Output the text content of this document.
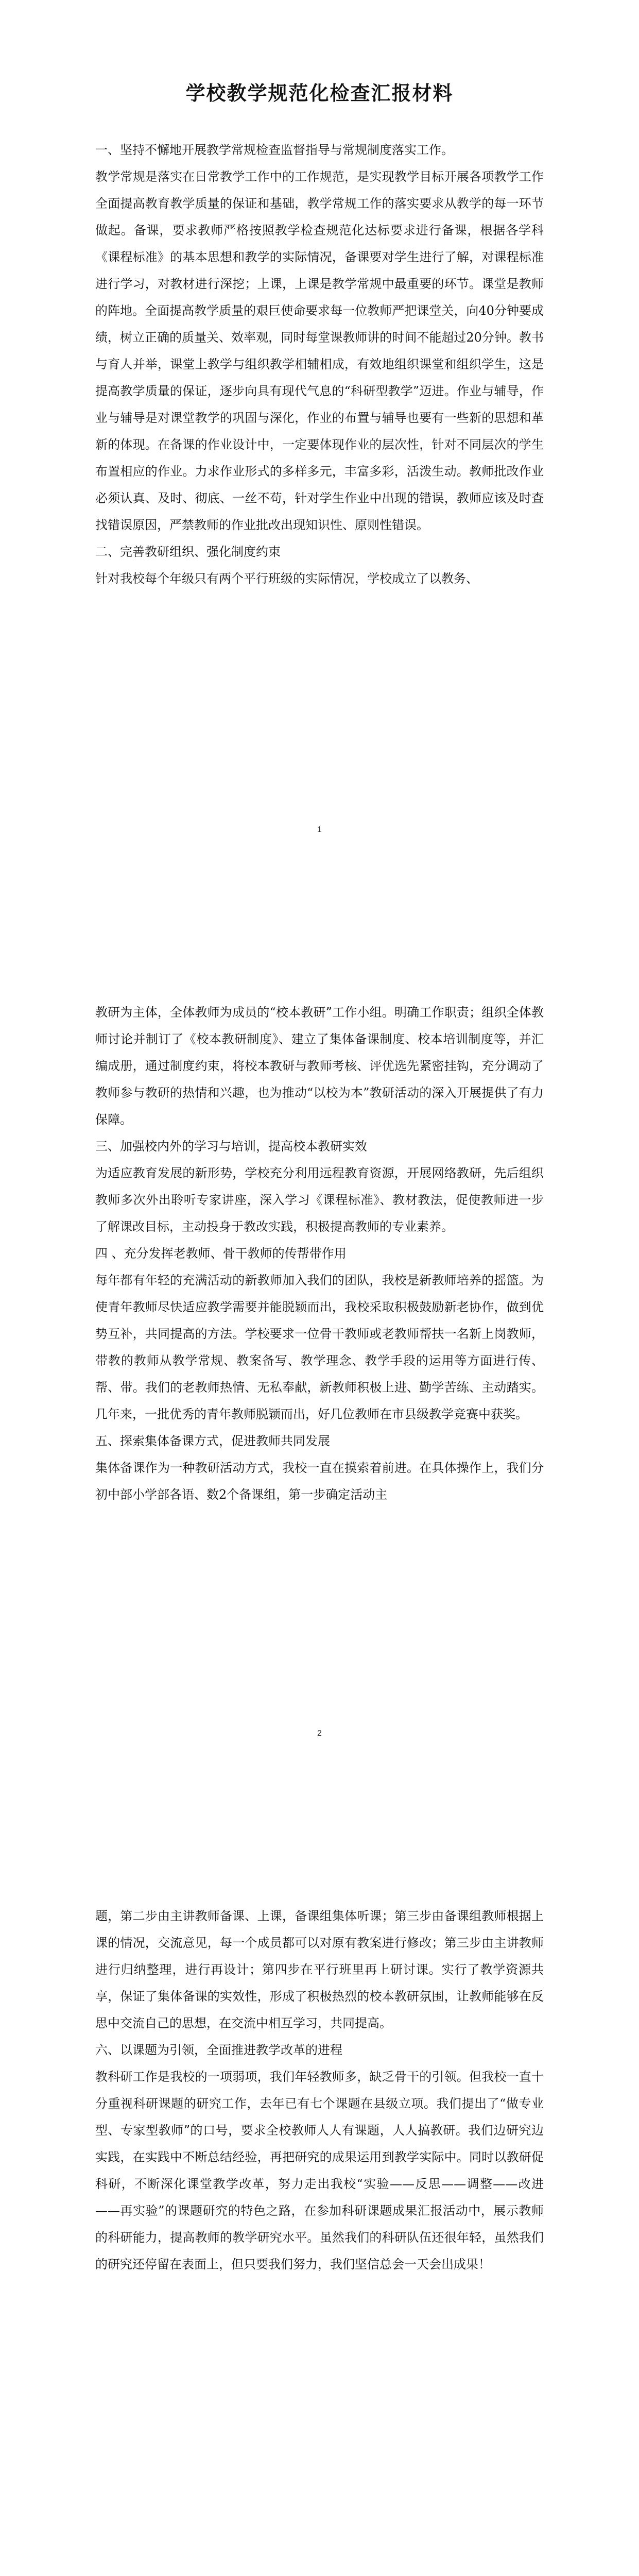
学校教学规范化检查汇报材料

一、坚持不懈地开展教学常规检查监督指导与常规制度落实工作。

教学常规是落实在日常教学工作中的工作规范，是实现教学目标开展各项教学工作全面提高教育教学质量的保证和基础，教学常规工作的落实要求从教学的每一环节做起。备课，要求教师严格按照教学检查规范化达标要求进行备课，根据各学科《课程标准》的基本思想和教学的实际情况，备课要对学生进行了解，对课程标准进行学习，对教材进行深挖；上课，上课是教学常规中最重要的环节。课堂是教师的阵地。全面提高教学质量的艰巨使命要求每一位教师严把课堂关，向40分钟要成绩，树立正确的质量关、效率观，同时每堂课教师讲的时间不能超过20分钟。教书与育人并举，课堂上教学与组织教学相辅相成，有效地组织课堂和组织学生，这是提高教学质量的保证，逐步向具有现代气息的“科研型教学”迈进。作业与辅导，作业与辅导是对课堂教学的巩固与深化，作业的布置与辅导也要有一些新的思想和革新的体现。在备课的作业设计中，一定要体现作业的层次性，针对不同层次的学生布置相应的作业。力求作业形式的多样多元，丰富多彩，活泼生动。教师批改作业必须认真、及时、彻底、一丝不苟，针对学生作业中出现的错误，教师应该及时查找错误原因，严禁教师的作业批改出现知识性、原则性错误。

二、完善教研组织、强化制度约束

针对我校每个年级只有两个平行班级的实际情况，学校成立了以教务、

1

教研为主体，全体教师为成员的“校本教研”工作小组。明确工作职责；组织全体教师讨论并制订了《校本教研制度》、建立了集体备课制度、校本培训制度等，并汇编成册，通过制度约束，将校本教研与教师考核、评优选先紧密挂钩，充分调动了教师参与教研的热情和兴趣，也为推动“以校为本”教研活动的深入开展提供了有力保障。

三、加强校内外的学习与培训，提高校本教研实效

为适应教育发展的新形势，学校充分利用远程教育资源，开展网络教研，先后组织教师多次外出聆听专家讲座，深入学习《课程标准》、教材教法，促使教师进一步了解课改目标，主动投身于教改实践，积极提高教师的专业素养。

四 、充分发挥老教师、骨干教师的传帮带作用

每年都有年轻的充满活动的新教师加入我们的团队，我校是新教师培养的摇篮。为使青年教师尽快适应教学需要并能脱颖而出，我校采取积极鼓励新老协作，做到优势互补，共同提高的方法。学校要求一位骨干教师或老教师帮扶一名新上岗教师，带教的教师从教学常规、教案备写、教学理念、教学手段的运用等方面进行传、帮、带。我们的老教师热情、无私奉献，新教师积极上进、勤学苦练、主动踏实。几年来，一批优秀的青年教师脱颖而出，好几位教师在市县级教学竞赛中获奖。

五、探索集体备课方式，促进教师共同发展

集体备课作为一种教研活动方式，我校一直在摸索着前进。在具体操作上，我们分初中部小学部各语、数2个备课组，第一步确定活动主

2

题，第二步由主讲教师备课、上课，备课组集体听课；第三步由备课组教师根据上课的情况，交流意见，每一个成员都可以对原有教案进行修改；第三步由主讲教师进行归纳整理，进行再设计；第四步在平行班里再上研讨课。实行了教学资源共享，保证了集体备课的实效性，形成了积极热烈的校本教研氛围，让教师能够在反思中交流自己的思想，在交流中相互学习，共同提高。

六、以课题为引领，全面推进教学改革的进程

教科研工作是我校的一项弱项，我们年轻教师多，缺乏骨干的引领。但我校一直十分重视科研课题的研究工作，去年已有七个课题在县级立项。我们提出了“做专业型、专家型教师”的口号，要求全校教师人人有课题，人人搞教研。我们边研究边实践，在实践中不断总结经验，再把研究的成果运用到教学实际中。同时以教研促科研，不断深化课堂教学改革，努力走出我校“实验——反思——调整——改进——再实验”的课题研究的特色之路，在参加科研课题成果汇报活动中，展示教师的科研能力，提高教师的教学研究水平。虽然我们的科研队伍还很年轻，虽然我们的研究还停留在表面上，但只要我们努力，我们坚信总会一天会出成果！
